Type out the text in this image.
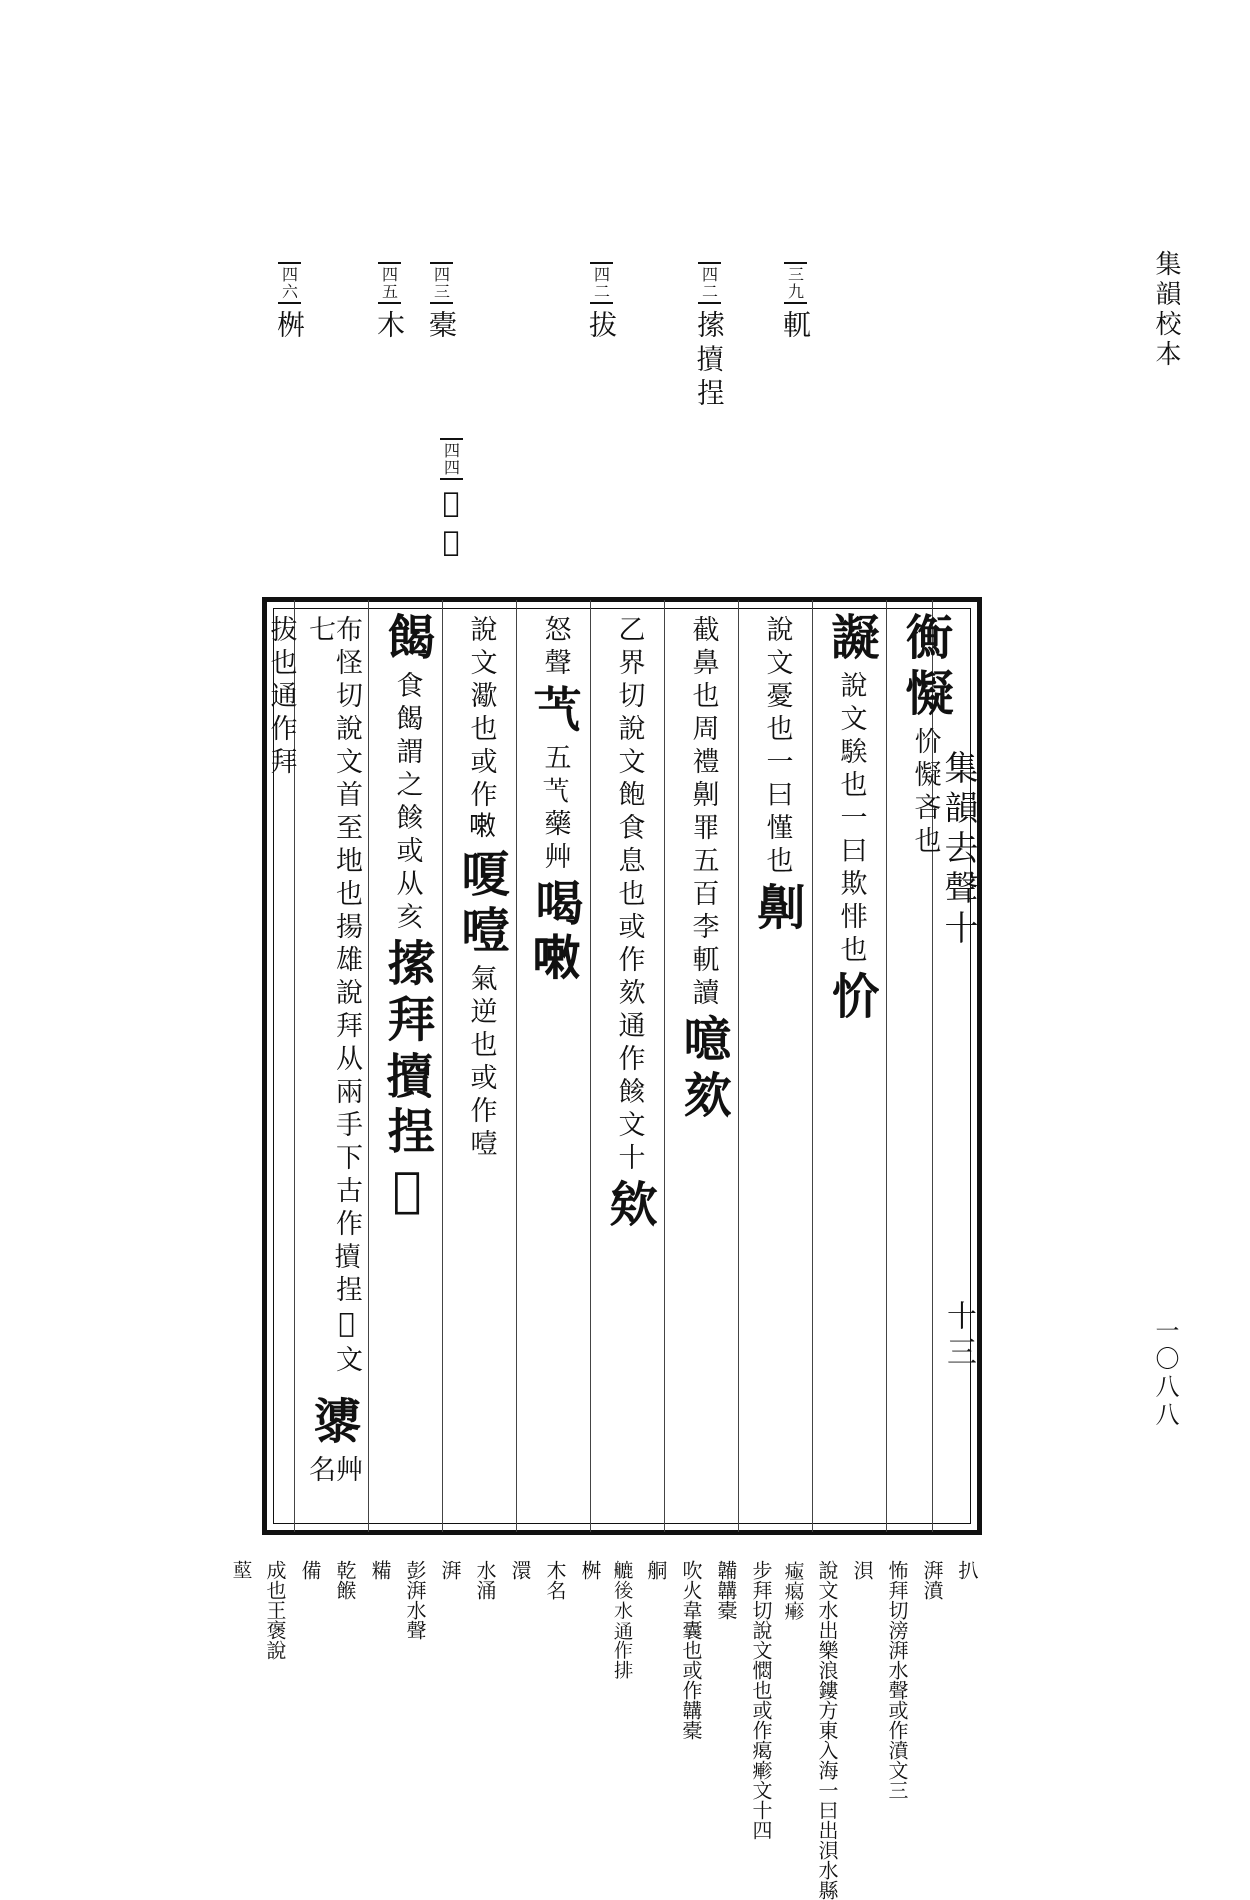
集韻校本
一〇八八
三九
軏
四二
𢱢𢷺挰
四二
拔
四四
𣡜𣡝
四三
橐
四五
木
四六
桝
集韻去聲十
十三
𢖍懝
忦懝吝也
譺
說文騃也一曰欺悱也
忦
說文憂也一曰慬也
劓
截鼻也周禮劓罪五百李軏讀
噫欬
乙界切說文飽食息也或作欬通作餩文十
欸
怒聲
𦬈
五𦬈藥艸
喝𠻳
說文㵣也或作𠻳
嗄噎
氣逆也或作噎
餲
食餲謂之餩或从亥
𢱢拜𢷺挰𢰮
布怪切說文首至地也揚雄說拜从兩手下古作𢷺挰𢰮文七
𣿀
艸名
拔也通作拜
扒
湃濆
怖拜切滂湃水聲或作濆文三
浿
說文水出樂浪鏤方東入海一曰出浿水縣
𤷉𤸎𤺋
步拜切說文㦖也或作𤸎𤺋文十四
韛韝橐
吹火韋囊也或作韝橐
𦨴
𦪇後水通作排
桝
木名
澴
水涌
湃
彭湃水聲
糒
乾餱
備
成也王褒說
𦸃
